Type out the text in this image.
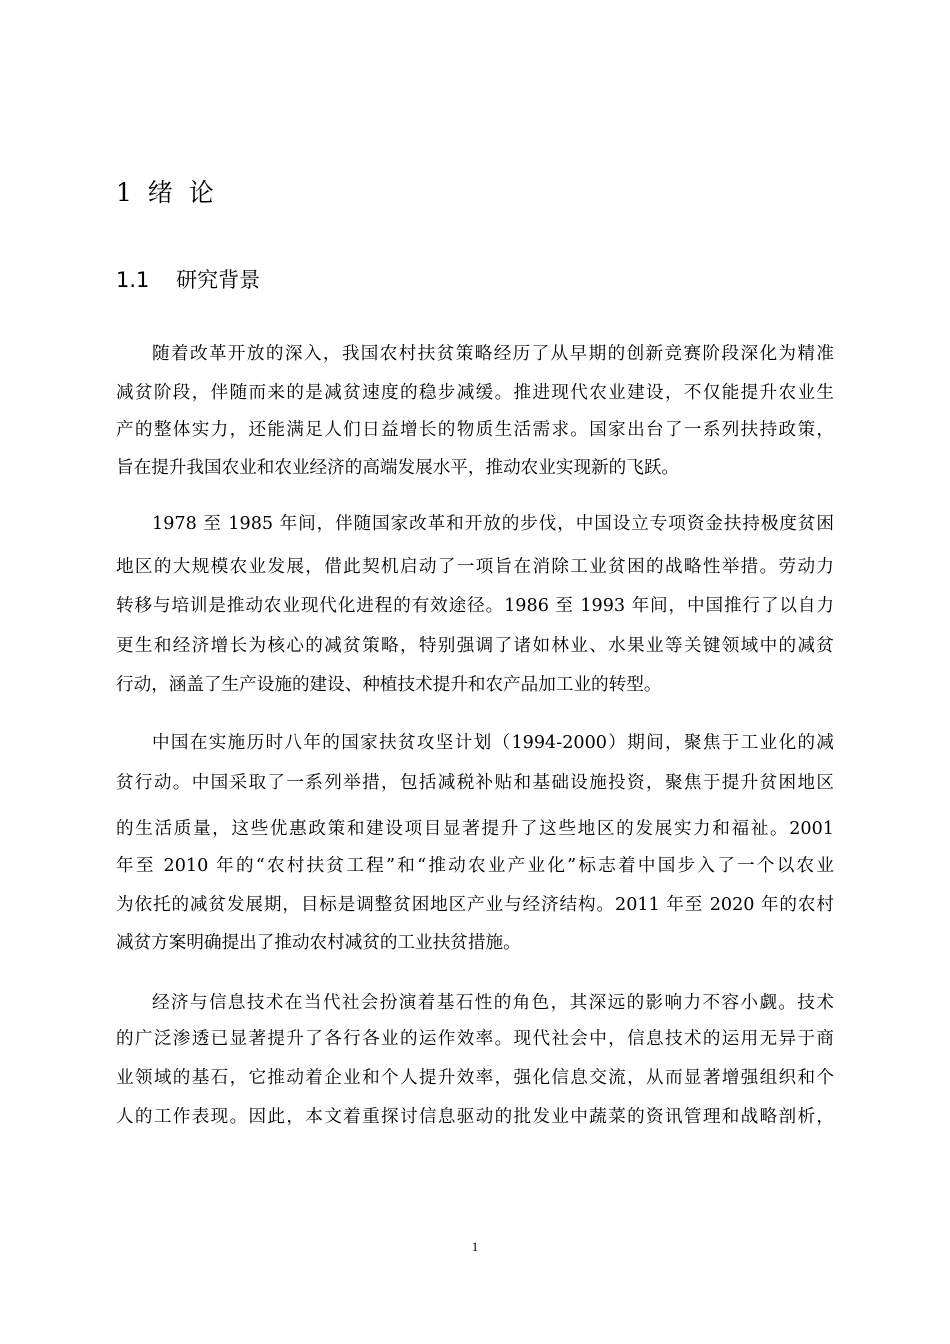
1  绪  论
1.1    研究背景
随着改革开放的深入，我国农村扶贫策略经历了从早期的创新竞赛阶段深化为精准
减贫阶段，伴随而来的是减贫速度的稳步减缓。推进现代农业建设，不仅能提升农业生
产的整体实力，还能满足人们日益增长的物质生活需求。国家出台了一系列扶持政策，
旨在提升我国农业和农业经济的高端发展水平，推动农业实现新的飞跃。
1978 至 1985 年间，伴随国家改革和开放的步伐，中国设立专项资金扶持极度贫困
地区的大规模农业发展，借此契机启动了一项旨在消除工业贫困的战略性举措。劳动力
转移与培训是推动农业现代化进程的有效途径。1986 至 1993 年间，中国推行了以自力
更生和经济增长为核心的减贫策略，特别强调了诸如林业、水果业等关键领域中的减贫
行动，涵盖了生产设施的建设、种植技术提升和农产品加工业的转型。
中国在实施历时八年的国家扶贫攻坚计划（1994-2000）期间，聚焦于工业化的减
贫行动。中国采取了一系列举措，包括减税补贴和基础设施投资，聚焦于提升贫困地区
的生活质量，这些优惠政策和建设项目显著提升了这些地区的发展实力和福祉。2001
年至 2010 年的“农村扶贫工程”和“推动农业产业化”标志着中国步入了一个以农业
为依托的减贫发展期，目标是调整贫困地区产业与经济结构。2011 年至 2020 年的农村
减贫方案明确提出了推动农村减贫的工业扶贫措施。
经济与信息技术在当代社会扮演着基石性的角色，其深远的影响力不容小觑。技术
的广泛渗透已显著提升了各行各业的运作效率。现代社会中，信息技术的运用无异于商
业领域的基石，它推动着企业和个人提升效率，强化信息交流，从而显著增强组织和个
人的工作表现。因此，本文着重探讨信息驱动的批发业中蔬菜的资讯管理和战略剖析，
1
